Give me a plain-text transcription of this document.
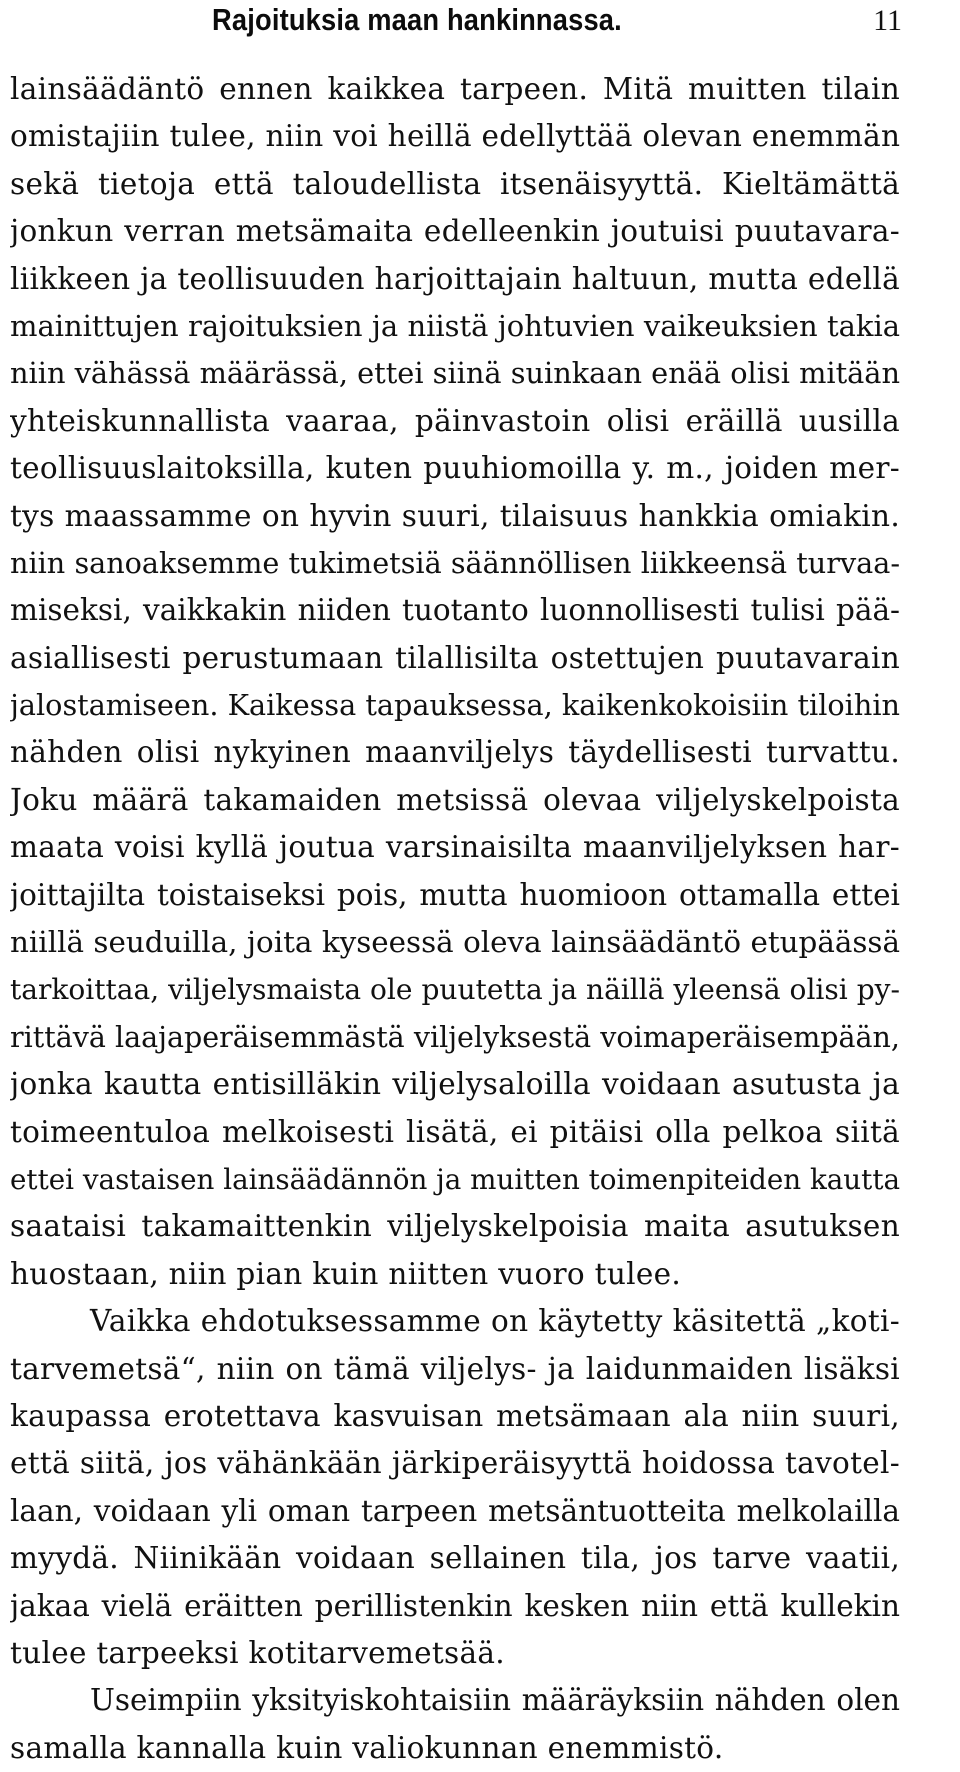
Rajoituksia maan hankinnassa.	11
lainsäädäntö ennen kaikkea tarpeen. Mitä muitten tilain
omistajiin tulee, niin voi heillä edellyttää olevan enemmän
sekä tietoja että taloudellista itsenäisyyttä. Kieltämättä
jonkun verran metsämaita edelleenkin joutuisi puutavara-
liikkeen ja teollisuuden harjoittajain haltuun, mutta edellä
mainittujen rajoituksien ja niistä johtuvien vaikeuksien takia
niin vähässä määrässä, ettei siinä suinkaan enää olisi mitään
yhteiskunnallista vaaraa, päinvastoin olisi eräillä uusilla
teollisuuslaitoksilla, kuten puuhiomoilla y. m., joiden mer-
tys maassamme on hyvin suuri, tilaisuus hankkia omiakin.
niin sanoaksemme tukimetsiä säännöllisen liikkeensä turvaa-
miseksi, vaikkakin niiden tuotanto luonnollisesti tulisi pää-
asiallisesti perustumaan tilallisilta ostettujen puutavarain
jalostamiseen. Kaikessa tapauksessa, kaikenkokoisiin tiloihin
nähden olisi nykyinen maanviljelys täydellisesti turvattu.
Joku määrä takamaiden metsissä olevaa viljelyskelpoista
maata voisi kyllä joutua varsinaisilta maanviljelyksen har-
joittajilta toistaiseksi pois, mutta huomioon ottamalla ettei
niillä seuduilla, joita kyseessä oleva lainsäädäntö etupäässä
tarkoittaa, viljelysmaista ole puutetta ja näillä yleensä olisi py-
rittävä laajaperäisemmästä viljelyksestä voimaperäisempään,
jonka kautta entisilläkin viljelysaloilla voidaan asutusta ja
toimeentuloa melkoisesti lisätä, ei pitäisi olla pelkoa siitä
ettei vastaisen lainsäädännön ja muitten toimenpiteiden kautta
saataisi takamaittenkin viljelyskelpoisia maita asutuksen
huostaan, niin pian kuin niitten vuoro tulee.
Vaikka ehdotuksessamme on käytetty käsitettä „koti-
tarvemetsä“, niin on tämä viljelys- ja laidunmaiden lisäksi
kaupassa erotettava kasvuisan metsämaan ala niin suuri,
että siitä, jos vähänkään järkiperäisyyttä hoidossa tavotel-
laan, voidaan yli oman tarpeen metsäntuotteita melkolailla
myydä. Niinikään voidaan sellainen tila, jos tarve vaatii,
jakaa vielä eräitten perillistenkin kesken niin että kullekin
tulee tarpeeksi kotitarvemetsää.
Useimpiin yksityiskohtaisiin määräyksiin nähden olen
samalla kannalla kuin valiokunnan enemmistö.
